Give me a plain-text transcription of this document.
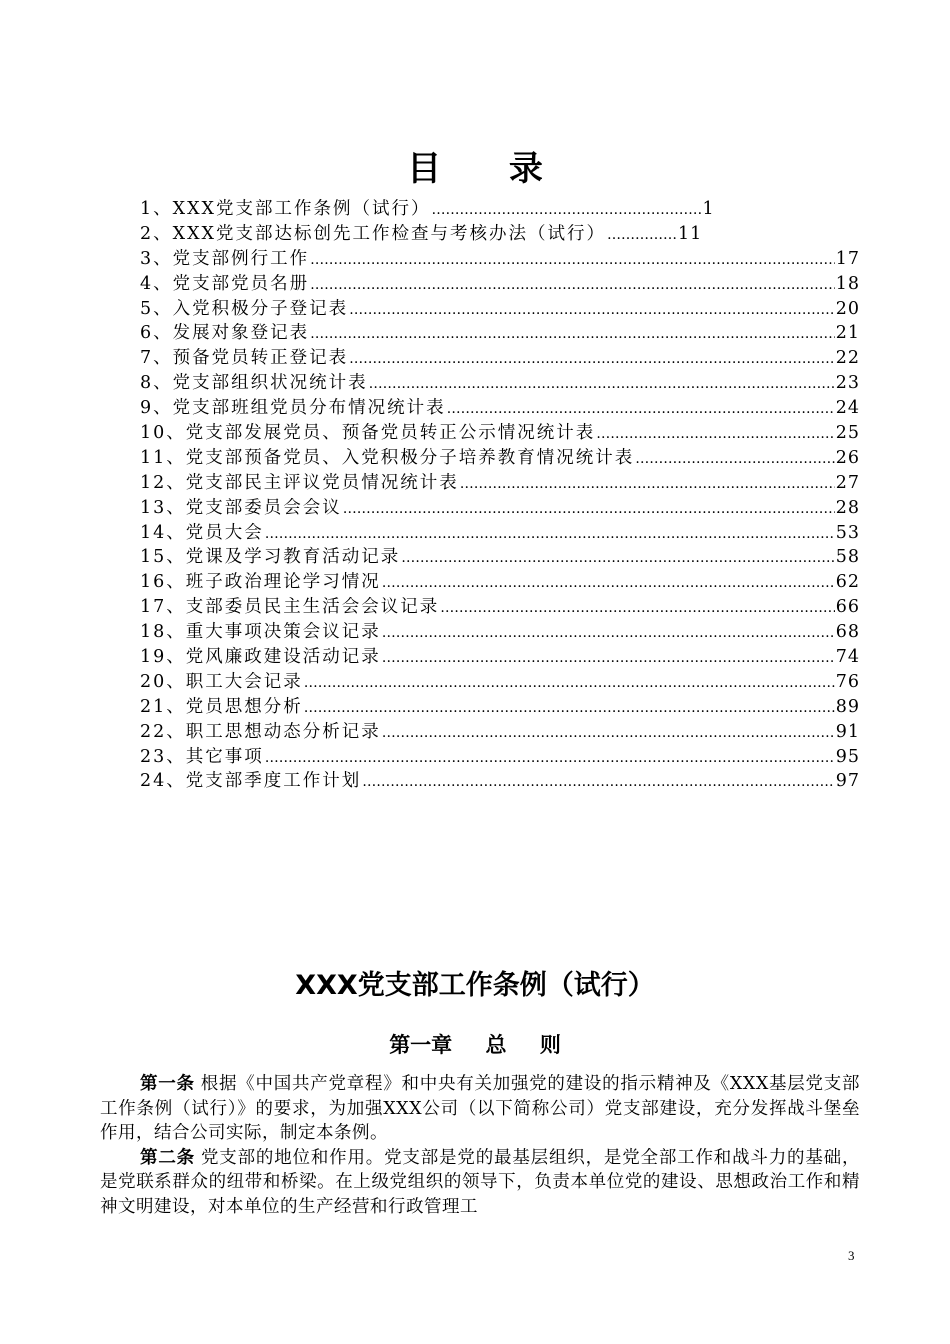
目 录
1、XXX党支部工作条例（试行） ………………………………………………………………………………………………………………………………………………………………………	1
2、XXX党支部达标创先工作检查与考核办法（试行） ………………………………………………………………………………………………………………………………………………………………………	11
3、党支部例行工作 ………………………………………………………………………………………………………………………………………………………………………	17
4、党支部党员名册 ………………………………………………………………………………………………………………………………………………………………………	18
5、入党积极分子登记表 ………………………………………………………………………………………………………………………………………………………………………	20
6、发展对象登记表 ………………………………………………………………………………………………………………………………………………………………………	21
7、预备党员转正登记表 ………………………………………………………………………………………………………………………………………………………………………	22
8、党支部组织状况统计表 ………………………………………………………………………………………………………………………………………………………………………	23
9、党支部班组党员分布情况统计表 ………………………………………………………………………………………………………………………………………………………………………	24
10、党支部发展党员、预备党员转正公示情况统计表 ………………………………………………………………………………………………………………………………………………………………………	25
11、党支部预备党员、入党积极分子培养教育情况统计表 ………………………………………………………………………………………………………………………………………………………………………	26
12、党支部民主评议党员情况统计表 ………………………………………………………………………………………………………………………………………………………………………	27
13、党支部委员会会议 ………………………………………………………………………………………………………………………………………………………………………	28
14、党员大会 ………………………………………………………………………………………………………………………………………………………………………	53
15、党课及学习教育活动记录 ………………………………………………………………………………………………………………………………………………………………………	58
16、班子政治理论学习情况 ………………………………………………………………………………………………………………………………………………………………………	62
17、支部委员民主生活会会议记录 ………………………………………………………………………………………………………………………………………………………………………	66
18、重大事项决策会议记录 ………………………………………………………………………………………………………………………………………………………………………	68
19、党风廉政建设活动记录 ………………………………………………………………………………………………………………………………………………………………………	74
20、职工大会记录 ………………………………………………………………………………………………………………………………………………………………………	76
21、党员思想分析 ………………………………………………………………………………………………………………………………………………………………………	89
22、职工思想动态分析记录 ………………………………………………………………………………………………………………………………………………………………………	91
23、其它事项 ………………………………………………………………………………………………………………………………………………………………………	95
24、党支部季度工作计划 ………………………………………………………………………………………………………………………………………………………………………	97
XXX党支部工作条例（试行）
第一章 总 则

第一条 根据《中国共产党章程》和中央有关加强党的建设的指示精神及《XXX基层党支部工作条例（试行）》的要求，为加强XXX公司（以下简称公司）党支部建设，充分发挥战斗堡垒作用，结合公司实际，制定本条例。

第二条 党支部的地位和作用。党支部是党的最基层组织，是党全部工作和战斗力的基础，是党联系群众的纽带和桥梁。在上级党组织的领导下，负责本单位党的建设、思想政治工作和精神文明建设，对本单位的生产经营和行政管理工

3
